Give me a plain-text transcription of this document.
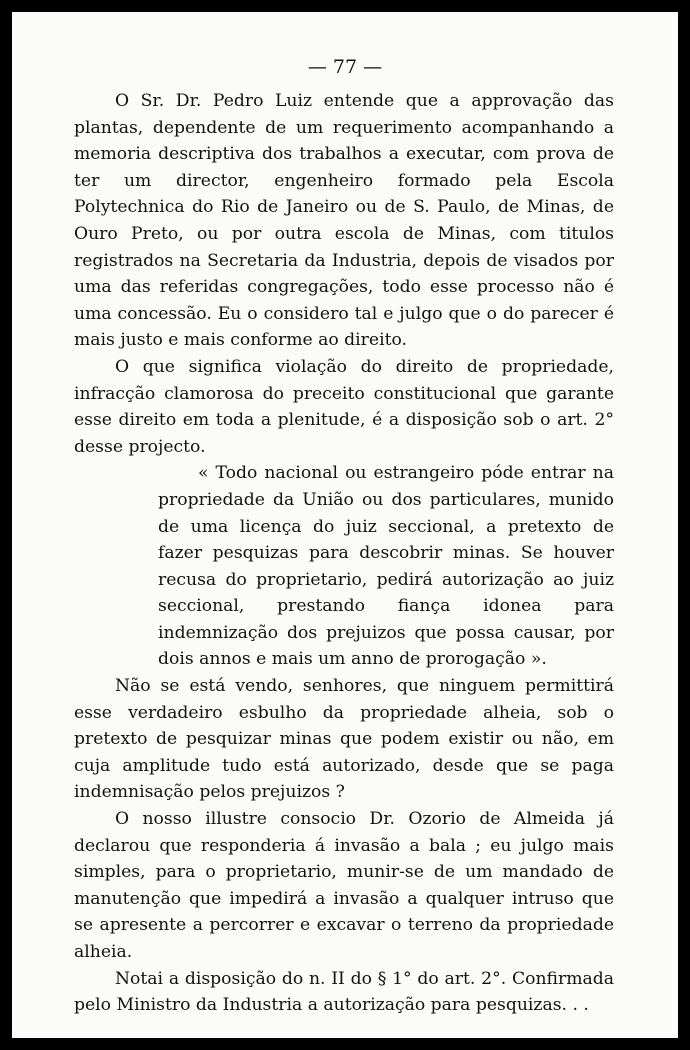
— 77 —

O Sr. Dr. Pedro Luiz entende que a approvação das plantas, dependente de um requerimento acompanhando a memoria descriptiva dos trabalhos a executar, com prova de ter um director, engenheiro formado pela Escola Polytechnica do Rio de Janeiro ou de S. Paulo, de Minas, de Ouro Preto, ou por outra escola de Minas, com titulos registrados na Secretaria da Industria, depois de visados por uma das referidas congregações, todo esse processo não é uma concessão. Eu o considero tal e julgo que o do parecer é mais justo e mais conforme ao direito.

O que significa violação do direito de propriedade, infracção clamorosa do preceito constitucional que garante esse direito em toda a plenitude, é a disposição sob o art. 2° desse projecto.

« Todo nacional ou estrangeiro póde entrar na propriedade da União ou dos particulares, munido de uma licença do juiz seccional, a pretexto de fazer pesquizas para descobrir minas. Se houver recusa do proprietario, pedirá autorização ao juiz seccional, prestando fiança idonea para indemnização dos prejuizos que possa causar, por dois annos e mais um anno de prorogação ».

Não se está vendo, senhores, que ninguem permittirá esse verdadeiro esbulho da propriedade alheia, sob o pretexto de pesquizar minas que podem existir ou não, em cuja amplitude tudo está autorizado, desde que se paga indemnisação pelos prejuizos ?

O nosso illustre consocio Dr. Ozorio de Almeida já declarou que responderia á invasão a bala ; eu julgo mais simples, para o proprietario, munir-se de um mandado de manutenção que impedirá a invasão a qualquer intruso que se apresente a percorrer e excavar o terreno da propriedade alheia.

Notai a disposição do n. II do § 1° do art. 2°. Confirmada pelo Ministro da Industria a autorização para pesquizas. . .
